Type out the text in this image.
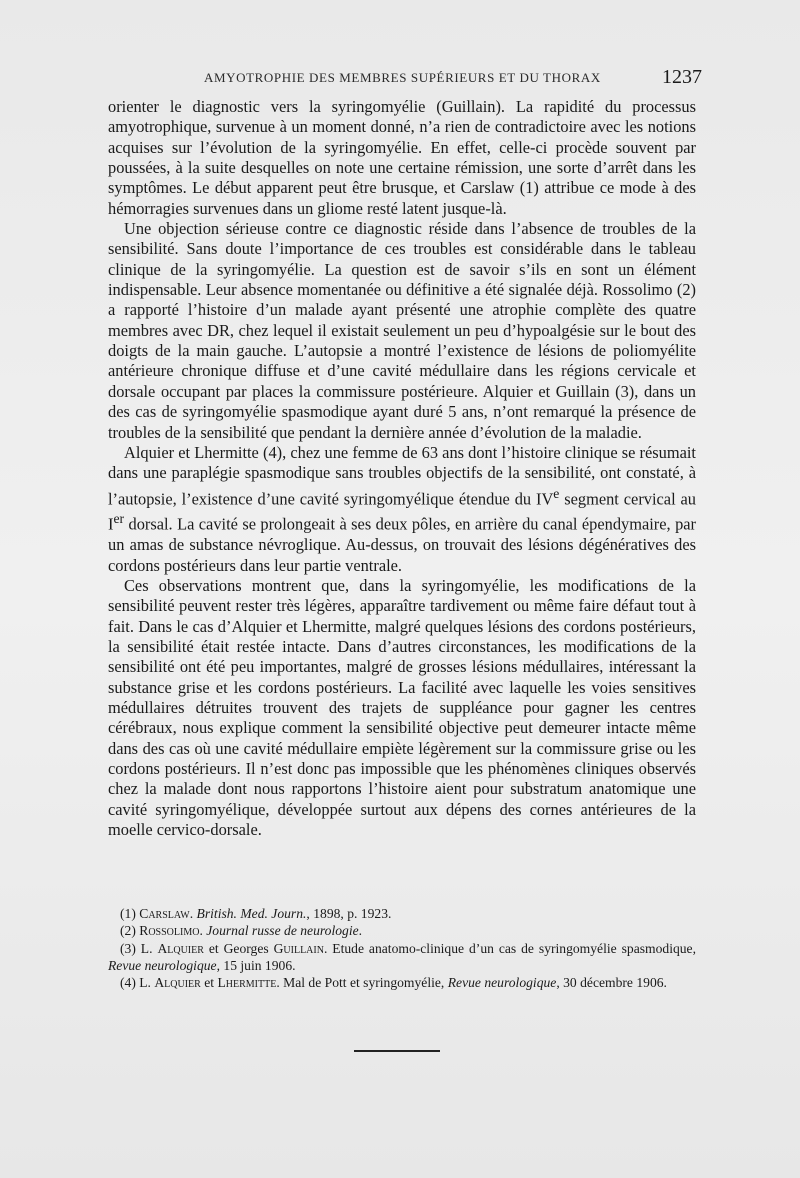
AMYOTROPHIE DES MEMBRES SUPÉRIEURS ET DU THORAX	1237

orienter le diagnostic vers la syringomyélie (Guillain). La rapidité du processus amyotrophique, survenue à un moment donné, n’a rien de contradictoire avec les notions acquises sur l’évolution de la syringomyélie. En effet, celle-ci procède souvent par poussées, à la suite desquelles on note une certaine rémission, une sorte d’arrêt dans les symptômes. Le début apparent peut être brusque, et Carslaw (1) attribue ce mode à des hémorragies survenues dans un gliome resté latent jusque-là.

Une objection sérieuse contre ce diagnostic réside dans l’absence de troubles de la sensibilité. Sans doute l’importance de ces troubles est considérable dans le tableau clinique de la syringomyélie. La question est de savoir s’ils en sont un élément indispensable. Leur absence momentanée ou définitive a été signalée déjà. Rossolimo (2) a rapporté l’histoire d’un malade ayant présenté une atrophie complète des quatre membres avec DR, chez lequel il existait seulement un peu d’hypoalgésie sur le bout des doigts de la main gauche. L’autopsie a montré l’existence de lésions de poliomyélite antérieure chronique diffuse et d’une cavité médullaire dans les régions cervicale et dorsale occupant par places la commissure postérieure. Alquier et Guillain (3), dans un des cas de syringomyélie spasmodique ayant duré 5 ans, n’ont remarqué la présence de troubles de la sensibilité que pendant la dernière année d’évolution de la maladie.

Alquier et Lhermitte (4), chez une femme de 63 ans dont l’histoire clinique se résumait dans une paraplégie spasmodique sans troubles objectifs de la sensibilité, ont constaté, à l’autopsie, l’existence d’une cavité syringomyélique étendue du IVe segment cervical au Ier dorsal. La cavité se prolongeait à ses deux pôles, en arrière du canal épendymaire, par un amas de substance névroglique. Au-dessus, on trouvait des lésions dégénératives des cordons postérieurs dans leur partie ventrale.

Ces observations montrent que, dans la syringomyélie, les modifications de la sensibilité peuvent rester très légères, apparaître tardivement ou même faire défaut tout à fait. Dans le cas d’Alquier et Lhermitte, malgré quelques lésions des cordons postérieurs, la sensibilité était restée intacte. Dans d’autres circonstances, les modifications de la sensibilité ont été peu importantes, malgré de grosses lésions médullaires, intéressant la substance grise et les cordons postérieurs. La facilité avec laquelle les voies sensitives médullaires détruites trouvent des trajets de suppléance pour gagner les centres cérébraux, nous explique comment la sensibilité objective peut demeurer intacte même dans des cas où une cavité médullaire empiète légèrement sur la commissure grise ou les cordons postérieurs. Il n’est donc pas impossible que les phénomènes cliniques observés chez la malade dont nous rapportons l’histoire aient pour substratum anatomique une cavité syringomyélique, développée surtout aux dépens des cornes antérieures de la moelle cervico-dorsale.

(1) Carslaw. British. Med. Journ., 1898, p. 1923.

(2) Rossolimo. Journal russe de neurologie.

(3) L. Alquier et Georges Guillain. Etude anatomo-clinique d’un cas de syringomyélie spasmodique, Revue neurologique, 15 juin 1906.

(4) L. Alquier et Lhermitte. Mal de Pott et syringomyélie, Revue neurologique, 30 décembre 1906.
